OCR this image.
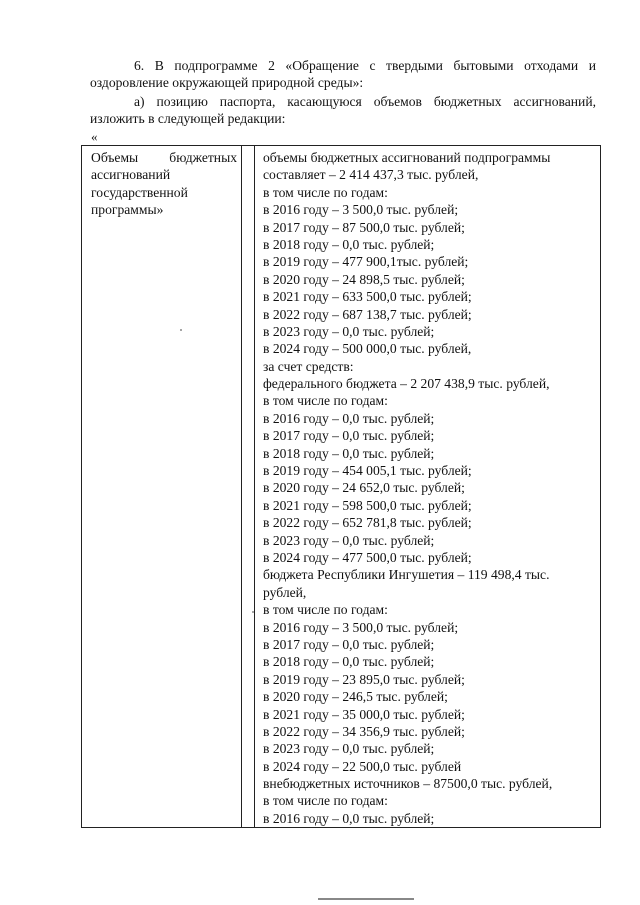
6. В подпрограмме 2 «Обращение с твердыми бытовыми отходами и
оздоровление окружающей природной среды»:
а) позицию паспорта, касающуюся объемов бюджетных ассигнований,
изложить в следующей редакции:
«
Объемы бюджетных
ассигнований
государственной
программы»
объемы бюджетных ассигнований подпрограммы
составляет – 2 414 437,3 тыс. рублей,
в том числе по годам:
в 2016 году – 3 500,0 тыс. рублей;
в 2017 году – 87 500,0 тыс. рублей;
в 2018 году – 0,0 тыс. рублей;
в 2019 году – 477 900,1тыс. рублей;
в 2020 году – 24 898,5 тыс. рублей;
в 2021 году – 633 500,0 тыс. рублей;
в 2022 году – 687 138,7 тыс. рублей;
в 2023 году – 0,0 тыс. рублей;
в 2024 году – 500 000,0 тыс. рублей,
за счет средств:
федерального бюджета – 2 207 438,9 тыс. рублей,
в том числе по годам:
в 2016 году – 0,0 тыс. рублей;
в 2017 году – 0,0 тыс. рублей;
в 2018 году – 0,0 тыс. рублей;
в 2019 году – 454 005,1 тыс. рублей;
в 2020 году – 24 652,0 тыс. рублей;
в 2021 году – 598 500,0 тыс. рублей;
в 2022 году – 652 781,8 тыс. рублей;
в 2023 году – 0,0 тыс. рублей;
в 2024 году – 477 500,0 тыс. рублей;
бюджета Республики Ингушетия – 119 498,4 тыс.
рублей,
в том числе по годам:
в 2016 году – 3 500,0 тыс. рублей;
в 2017 году – 0,0 тыс. рублей;
в 2018 году – 0,0 тыс. рублей;
в 2019 году – 23 895,0 тыс. рублей;
в 2020 году – 246,5 тыс. рублей;
в 2021 году – 35 000,0 тыс. рублей;
в 2022 году – 34 356,9 тыс. рублей;
в 2023 году – 0,0 тыс. рублей;
в 2024 году – 22 500,0 тыс. рублей
внебюджетных источников – 87500,0 тыс. рублей,
в том числе по годам:
в 2016 году – 0,0 тыс. рублей;
